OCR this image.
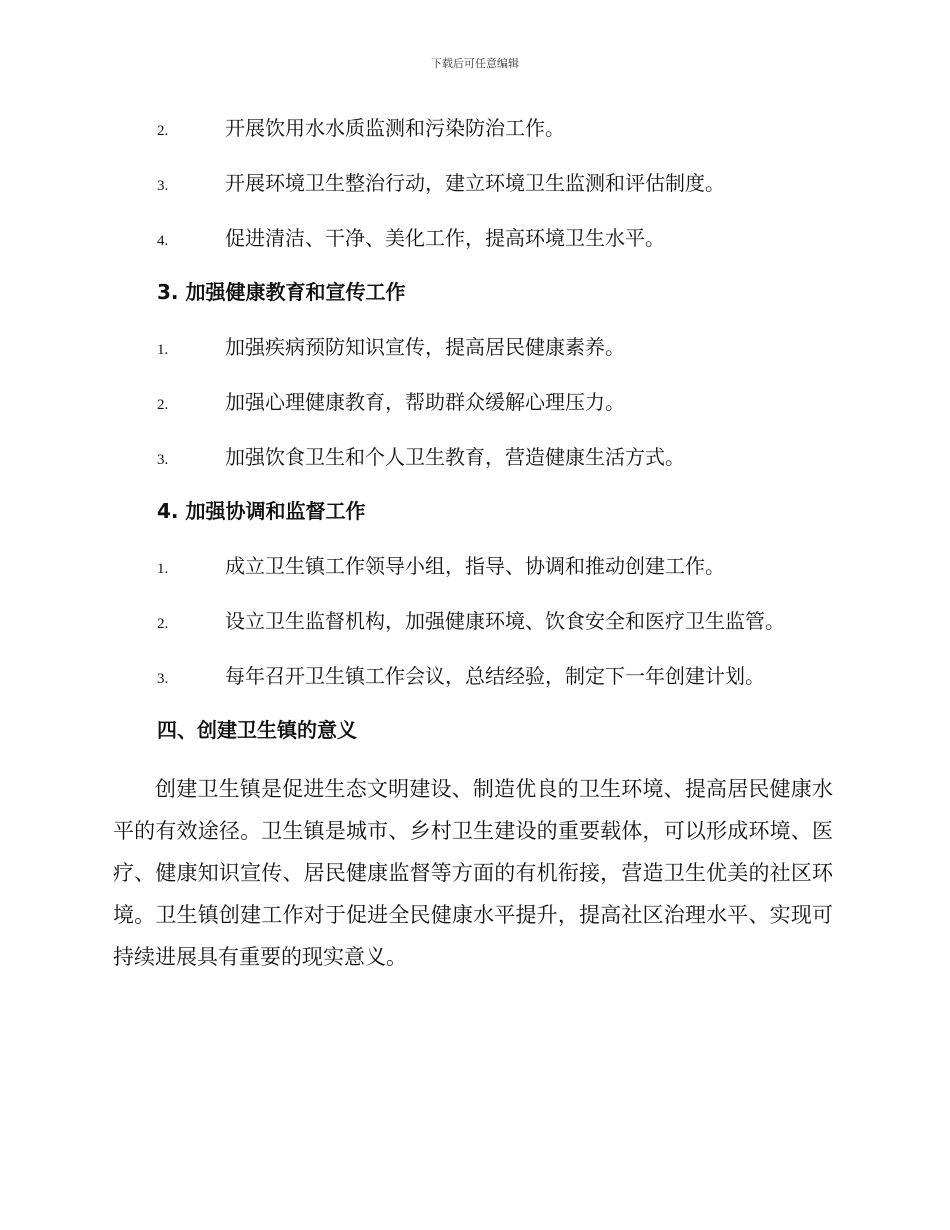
下载后可任意编辑
2.	开展饮用水水质监测和污染防治工作。
3.	开展环境卫生整治行动，建立环境卫生监测和评估制度。
4.	促进清洁、干净、美化工作，提高环境卫生水平。
3. 加强健康教育和宣传工作
1.	加强疾病预防知识宣传，提高居民健康素养。
2.	加强心理健康教育，帮助群众缓解心理压力。
3.	加强饮食卫生和个人卫生教育，营造健康生活方式。
4. 加强协调和监督工作
1.	成立卫生镇工作领导小组，指导、协调和推动创建工作。
2.	设立卫生监督机构，加强健康环境、饮食安全和医疗卫生监管。
3.	每年召开卫生镇工作会议，总结经验，制定下一年创建计划。
四、创建卫生镇的意义
创建卫生镇是促进生态文明建设、制造优良的卫生环境、提高居民健康水平的有效途径。卫生镇是城市、乡村卫生建设的重要载体，可以形成环境、医疗、健康知识宣传、居民健康监督等方面的有机衔接，营造卫生优美的社区环境。卫生镇创建工作对于促进全民健康水平提升，提高社区治理水平、实现可持续进展具有重要的现实意义。
